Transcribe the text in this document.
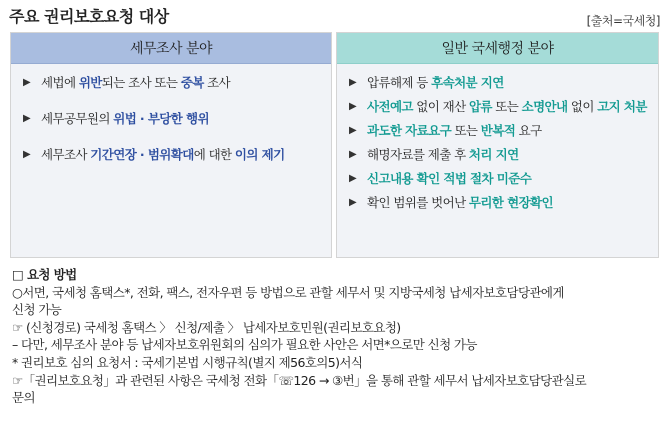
주요 권리보호요청 대상	[출처=국세청]
세무조사 분야
▶ 세법에 위반되는 조사 또는 중복 조사
▶ 세무공무원의 위법 · 부당한 행위
▶ 세무조사 기간연장 · 범위확대에 대한 이의 제기
일반 국세행정 분야
▶ 압류해제 등 후속처분 지연
▶ 사전예고 없이 재산 압류 또는 소명안내 없이 고지 처분
▶ 과도한 자료요구 또는 반복적 요구
▶ 해명자료를 제출 후 처리 지연
▶ 신고내용 확인 적법 절차 미준수
▶ 확인 범위를 벗어난 무리한 현장확인
□ 요청 방법
○서면, 국세청 홈택스*, 전화, 팩스, 전자우편 등 방법으로 관할 세무서 및 지방국세청 납세자보호담당관에게
신청 가능
☞ (신청경로) 국세청 홈택스 〉 신청/제출 〉 납세자보호민원(권리보호요청)
– 다만, 세무조사 분야 등 납세자보호위원회의 심의가 필요한 사안은 서면*으로만 신청 가능
* 권리보호 심의 요청서 : 국세기본법 시행규칙(별지 제56호의5)서식
☞「권리보호요청」과 관련된 사항은 국세청 전화「☏126 → ③번」을 통해 관할 세무서 납세자보호담당관실로
문의
